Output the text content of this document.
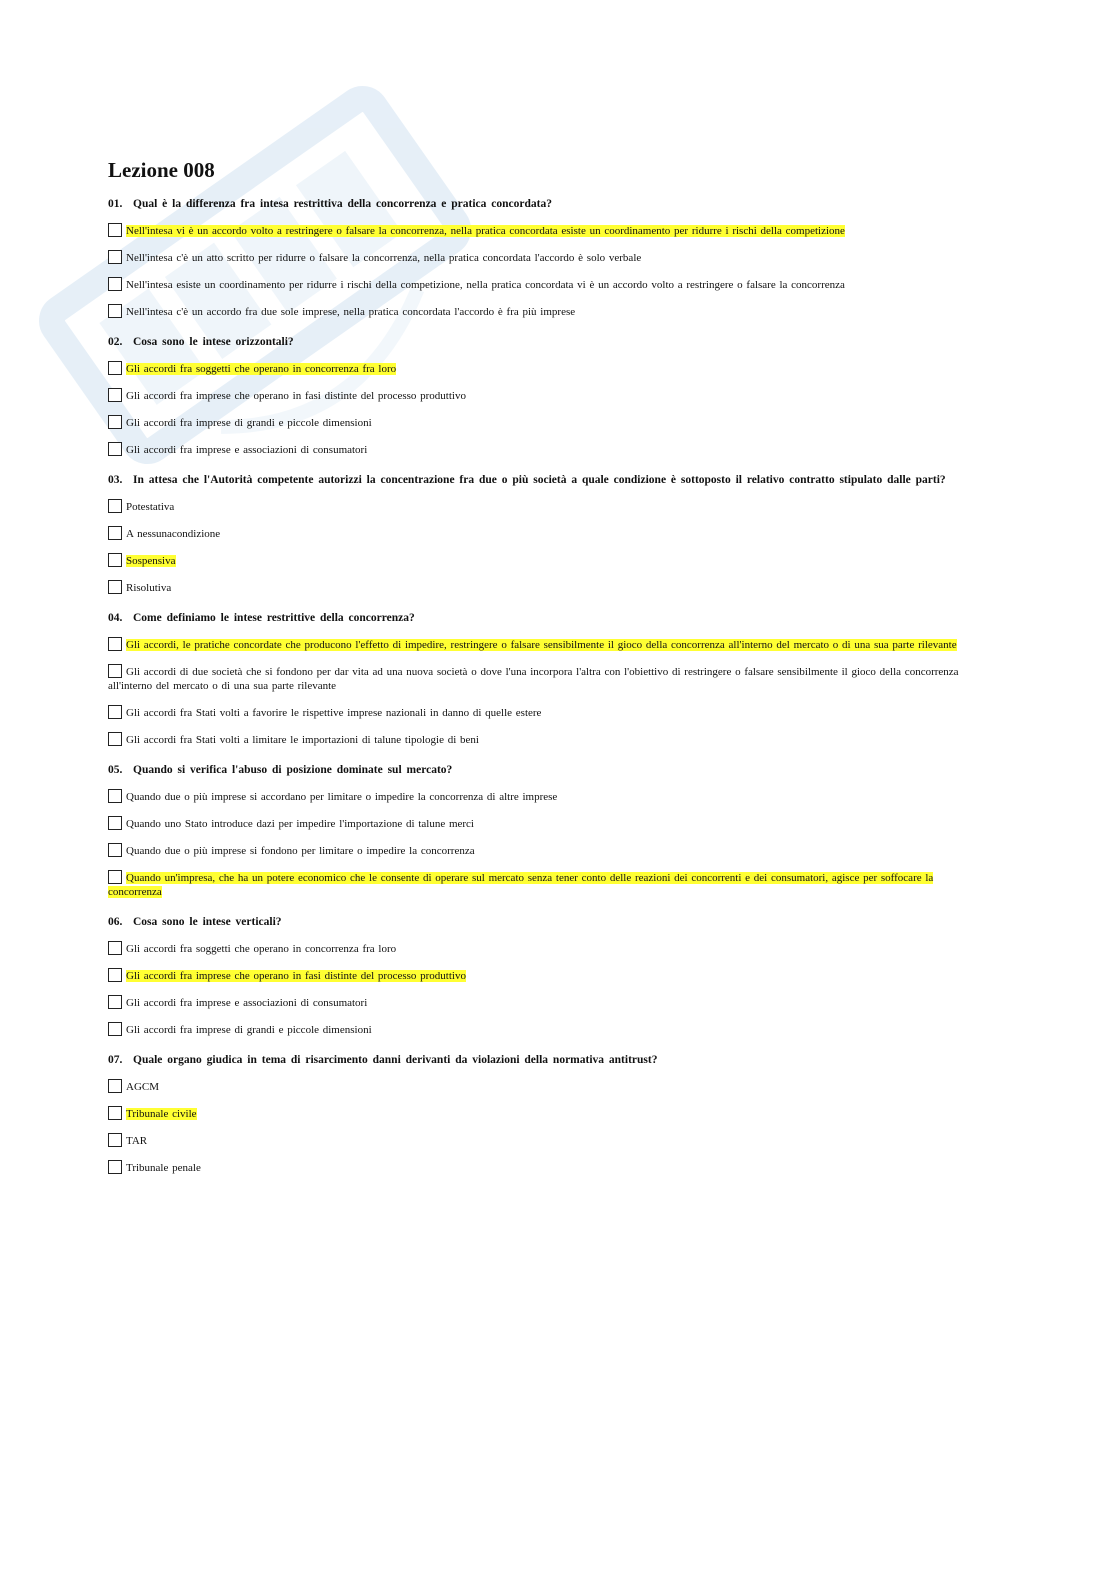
Lezione 008
01. Qual è la differenza fra intesa restrittiva della concorrenza e pratica concordata?
Nell'intesa vi è un accordo volto a restringere o falsare la concorrenza, nella pratica concordata esiste un coordinamento per ridurre i rischi della competizione
Nell'intesa c'è un atto scritto per ridurre o falsare la concorrenza, nella pratica concordata l'accordo è solo verbale
Nell'intesa esiste un coordinamento per ridurre i rischi della competizione, nella pratica concordata vi è un accordo volto a restringere o falsare la concorrenza
Nell'intesa c'è un accordo fra due sole imprese, nella pratica concordata l'accordo è fra più imprese
02. Cosa sono le intese orizzontali?
Gli accordi fra soggetti che operano in concorrenza fra loro
Gli accordi fra imprese che operano in fasi distinte del processo produttivo
Gli accordi fra imprese di grandi e piccole dimensioni
Gli accordi fra imprese e associazioni di consumatori
03. In attesa che l'Autorità competente autorizzi la concentrazione fra due o più società a quale condizione è sottoposto il relativo contratto stipulato dalle parti?
Potestativa
A nessunacondizione
Sospensiva
Risolutiva
04. Come definiamo le intese restrittive della concorrenza?
Gli accordi, le pratiche concordate che producono l'effetto di impedire, restringere o falsare sensibilmente il gioco della concorrenza all'interno del mercato o di una sua parte rilevante
Gli accordi di due società che si fondono per dar vita ad una nuova società o dove l'una incorpora l'altra con l'obiettivo di restringere o falsare sensibilmente il gioco della concorrenza all'interno del mercato o di una sua parte rilevante
Gli accordi fra Stati volti a favorire le rispettive imprese nazionali in danno di quelle estere
Gli accordi fra Stati volti a limitare le importazioni di talune tipologie di beni
05. Quando si verifica l'abuso di posizione dominate sul mercato?
Quando due o più imprese si accordano per limitare o impedire la concorrenza di altre imprese
Quando uno Stato introduce dazi per impedire l'importazione di talune merci
Quando due o più imprese si fondono per limitare o impedire la concorrenza
Quando un'impresa, che ha un potere economico che le consente di operare sul mercato senza tener conto delle reazioni dei concorrenti e dei consumatori, agisce per soffocare la concorrenza
06. Cosa sono le intese verticali?
Gli accordi fra soggetti che operano in concorrenza fra loro
Gli accordi fra imprese che operano in fasi distinte del processo produttivo
Gli accordi fra imprese e associazioni di consumatori
Gli accordi fra imprese di grandi e piccole dimensioni
07. Quale organo giudica in tema di risarcimento danni derivanti da violazioni della normativa antitrust?
AGCM
Tribunale civile
TAR
Tribunale penale
